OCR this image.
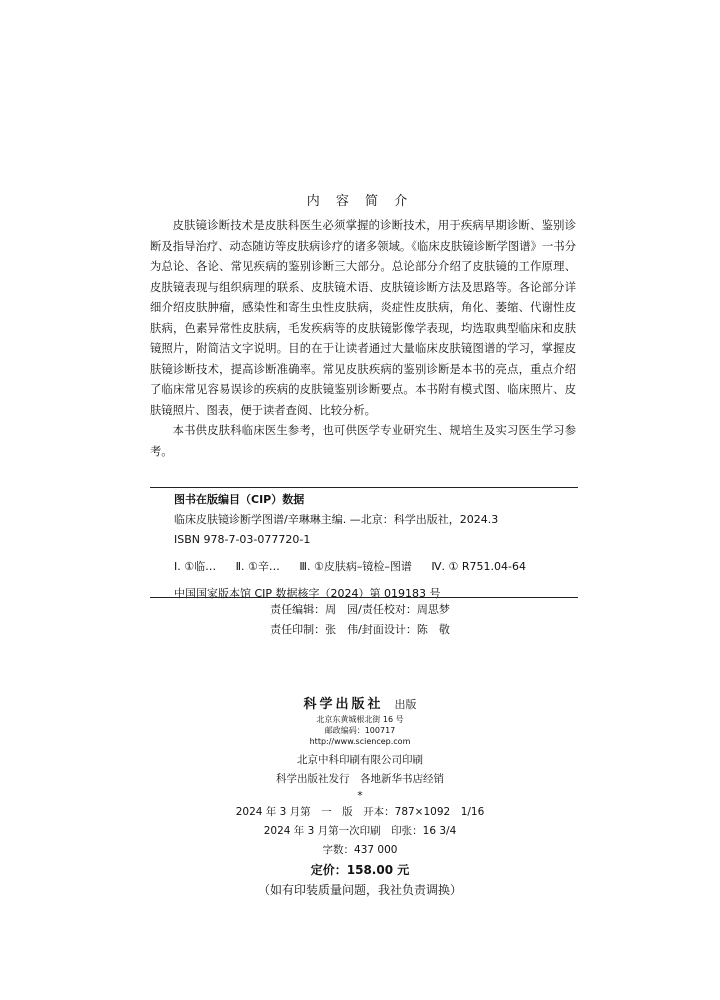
内 容 简 介

皮肤镜诊断技术是皮肤科医生必须掌握的诊断技术，用于疾病早期诊断、鉴别诊断及指导治疗、动态随访等皮肤病诊疗的诸多领域。《临床皮肤镜诊断学图谱》一书分为总论、各论、常见疾病的鉴别诊断三大部分。总论部分介绍了皮肤镜的工作原理、皮肤镜表现与组织病理的联系、皮肤镜术语、皮肤镜诊断方法及思路等。各论部分详细介绍皮肤肿瘤，感染性和寄生虫性皮肤病，炎症性皮肤病，角化、萎缩、代谢性皮肤病，色素异常性皮肤病，毛发疾病等的皮肤镜影像学表现，均选取典型临床和皮肤镜照片，附简洁文字说明。目的在于让读者通过大量临床皮肤镜图谱的学习，掌握皮肤镜诊断技术，提高诊断准确率。常见皮肤疾病的鉴别诊断是本书的亮点，重点介绍了临床常见容易误诊的疾病的皮肤镜鉴别诊断要点。本书附有模式图、临床照片、皮肤镜照片、图表，便于读者查阅、比较分析。

本书供皮肤科临床医生参考，也可供医学专业研究生、规培生及实习医生学习参考。

图书在版编目（CIP）数据
临床皮肤镜诊断学图谱/辛琳琳主编. —北京：科学出版社，2024.3
ISBN 978-7-03-077720-1
Ⅰ. ①临… Ⅱ. ①辛… Ⅲ. ①皮肤病–镜检–图谱 Ⅳ. ① R751.04-64
中国国家版本馆 CIP 数据核字（2024）第 019183 号
责任编辑：周　园/责任校对：周思梦
责任印制：张　伟/封面设计：陈　敬
科学出版社 出版
北京东黄城根北街 16 号
邮政编码：100717
http://www.sciencep.com
北京中科印刷有限公司印刷
科学出版社发行　各地新华书店经销
*
2024 年 3 月第　一　版　开本：787×1092　1/16
2024 年 3 月第一次印刷　印张：16 3/4
字数：437 000
定价：158.00 元
（如有印装质量问题，我社负责调换）
